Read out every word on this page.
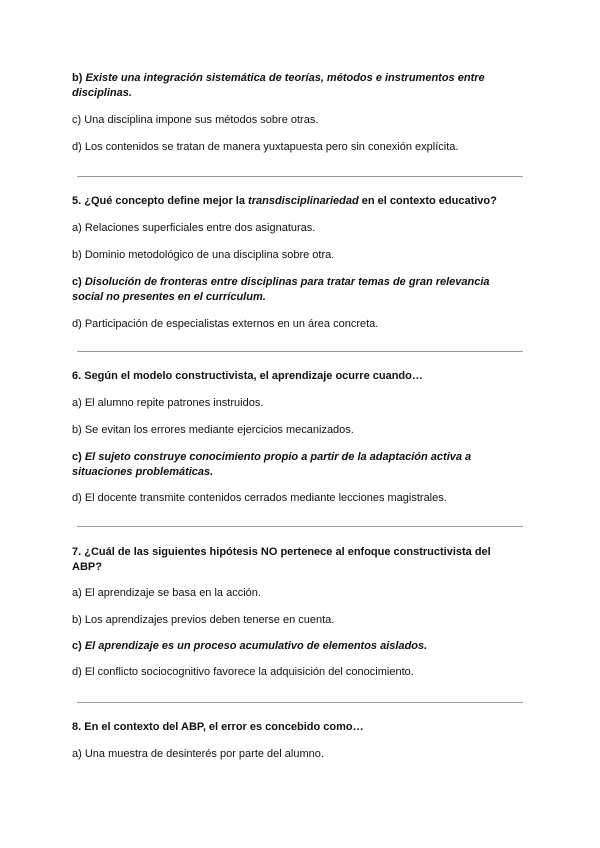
b) Existe una integración sistemática de teorías, métodos e instrumentos entre
disciplinas.
c) Una disciplina impone sus métodos sobre otras.
d) Los contenidos se tratan de manera yuxtapuesta pero sin conexión explícita.
5. ¿Qué concepto define mejor la transdisciplinariedad en el contexto educativo?
a) Relaciones superficiales entre dos asignaturas.
b) Dominio metodológico de una disciplina sobre otra.
c) Disolución de fronteras entre disciplinas para tratar temas de gran relevancia
social no presentes en el currículum.
d) Participación de especialistas externos en un área concreta.
6. Según el modelo constructivista, el aprendizaje ocurre cuando…
a) El alumno repite patrones instruidos.
b) Se evitan los errores mediante ejercicios mecanizados.
c) El sujeto construye conocimiento propio a partir de la adaptación activa a
situaciones problemáticas.
d) El docente transmite contenidos cerrados mediante lecciones magistrales.
7. ¿Cuál de las siguientes hipótesis NO pertenece al enfoque constructivista del
ABP?
a) El aprendizaje se basa en la acción.
b) Los aprendizajes previos deben tenerse en cuenta.
c) El aprendizaje es un proceso acumulativo de elementos aislados.
d) El conflicto sociocognitivo favorece la adquisición del conocimiento.
8. En el contexto del ABP, el error es concebido como…
a) Una muestra de desinterés por parte del alumno.
